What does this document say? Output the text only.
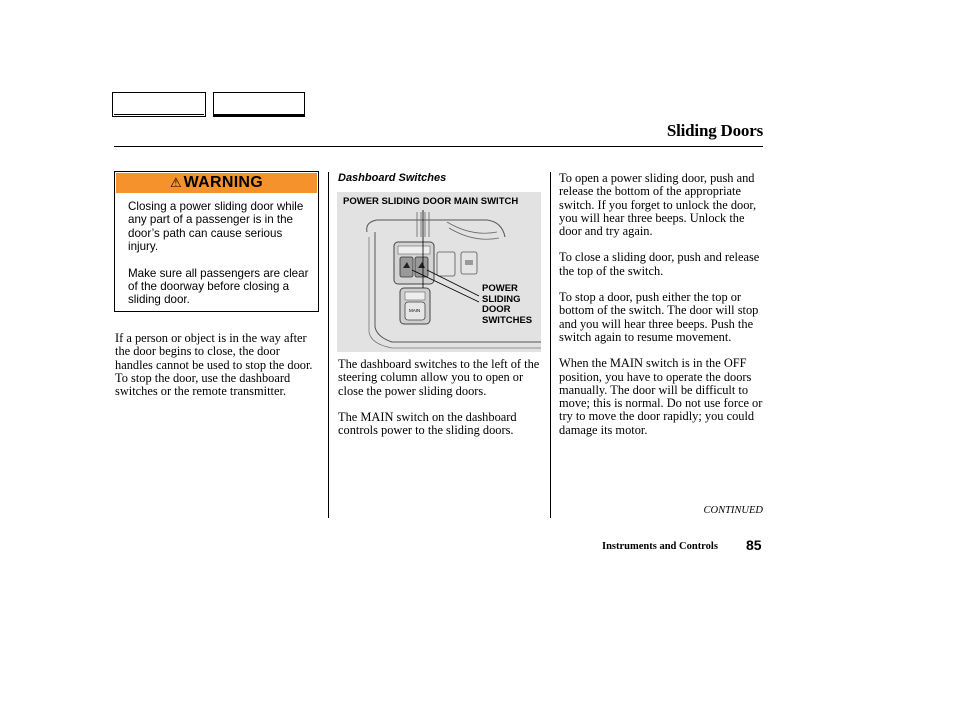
Sliding Doors
⚠ WARNING

Closing a power sliding door while any part of a passenger is in the door’s path can cause serious injury.

Make sure all passengers are clear of the doorway before closing a sliding door.

If a person or object is in the way after the door begins to close, the door handles cannot be used to stop the door. To stop the door, use the dashboard switches or the remote transmitter.

Dashboard Switches
POWER SLIDING DOOR MAIN SWITCH
MAIN
POWER
SLIDING
DOOR
SWITCHES

The dashboard switches to the left of the steering column allow you to open or close the power sliding doors.

The MAIN switch on the dashboard controls power to the sliding doors.

To open a power sliding door, push and release the bottom of the appropriate switch. If you forget to unlock the door, you will hear three beeps. Unlock the door and try again.

To close a sliding door, push and release the top of the switch.

To stop a door, push either the top or bottom of the switch. The door will stop and you will hear three beeps. Push the switch again to resume movement.

When the MAIN switch is in the OFF position, you have to operate the doors manually. The door will be difficult to move; this is normal. Do not use force or try to move the door rapidly; you could damage its motor.

CONTINUED
Instruments and Controls 85
